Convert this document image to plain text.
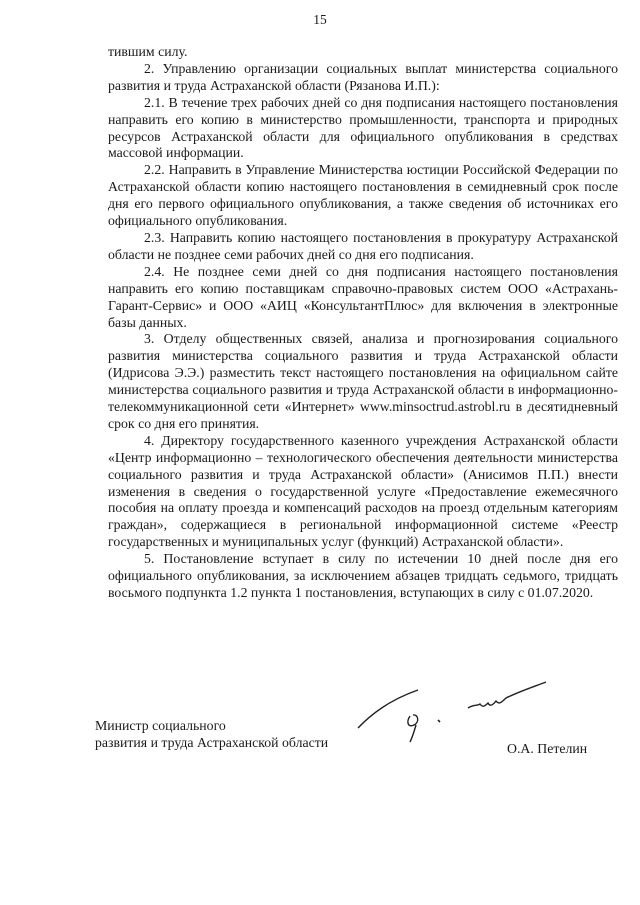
15

тившим силу.

2. Управлению организации социальных выплат министерства социального развития и труда Астраханской области (Рязанова И.П.):

2.1. В течение трех рабочих дней со дня подписания настоящего постановления направить его копию в министерство промышленности, транспорта и природных ресурсов Астраханской области для официального опубликования в средствах массовой информации.

2.2. Направить в Управление Министерства юстиции Российской Федерации по Астраханской области копию настоящего постановления в семидневный срок после дня его первого официального опубликования, а также сведения об источниках его официального опубликования.

2.3. Направить копию настоящего постановления в прокуратуру Астраханской области не позднее семи рабочих дней со дня его подписания.

2.4. Не позднее семи дней со дня подписания настоящего постановления направить его копию поставщикам справочно-правовых систем ООО «Астрахань-Гарант-Сервис» и ООО «АИЦ «КонсультантПлюс» для включения в электронные базы данных.

3. Отделу общественных связей, анализа и прогнозирования социального развития министерства социального развития и труда Астраханской области (Идрисова Э.Э.) разместить текст настоящего постановления на официальном сайте министерства социального развития и труда Астраханской области в информационно-телекоммуникационной сети «Интернет» www.minsoctrud.astrobl.ru в десятидневный срок со дня его принятия.

4. Директору государственного казенного учреждения Астраханской области «Центр информационно – технологического обеспечения деятельности министерства социального развития и труда Астраханской области» (Анисимов П.П.) внести изменения в сведения о государственной услуге «Предоставление ежемесячного пособия на оплату проезда и компенсаций расходов на проезд отдельным категориям граждан», содержащиеся в региональной информационной системе «Реестр государственных и муниципальных услуг (функций) Астраханской области».

5. Постановление вступает в силу по истечении 10 дней после дня его официального опубликования, за исключением абзацев тридцать седьмого, тридцать восьмого подпункта 1.2 пункта 1 постановления, вступающих в силу с 01.07.2020.

Министр социального
развития и труда Астраханской области	О.А. Петелин
